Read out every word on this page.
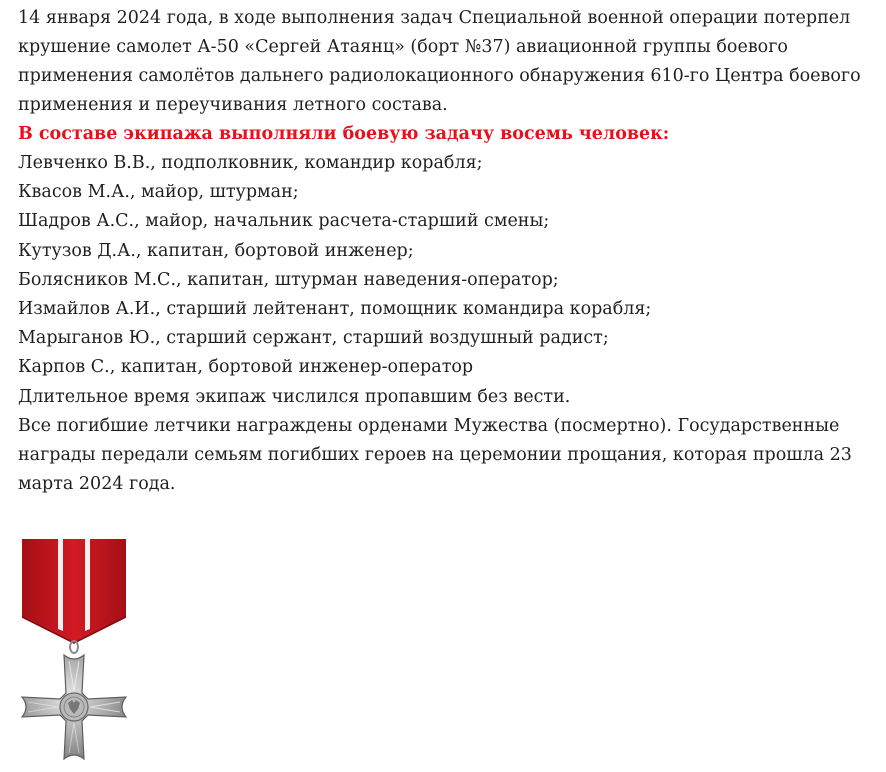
14 января 2024 года, в ходе выполнения задач Специальной военной операции потерпел крушение самолет А-50 «Сергей Атаянц» (борт №37) авиационной группы боевого применения самолётов дальнего радиолокационного обнаружения 610-го Центра боевого применения и переучивания летного состава.

В составе экипажа выполняли боевую задачу восемь человек:

Левченко В.В., подполковник, командир корабля;
Квасов М.А., майор, штурман;
Шадров А.С., майор, начальник расчета-старший смены;
Кутузов Д.А., капитан, бортовой инженер;
Болясников М.С., капитан, штурман наведения-оператор;
Измайлов А.И., старший лейтенант, помощник командира корабля;
Марыганов Ю., старший сержант, старший воздушный радист;
Карпов С., капитан, бортовой инженер-оператор

Длительное время экипаж числился пропавшим без вести.

Все погибшие летчики награждены орденами Мужества (посмертно). Государственные награды передали семьям погибших героев на церемонии прощания, которая прошла 23 марта 2024 года.
